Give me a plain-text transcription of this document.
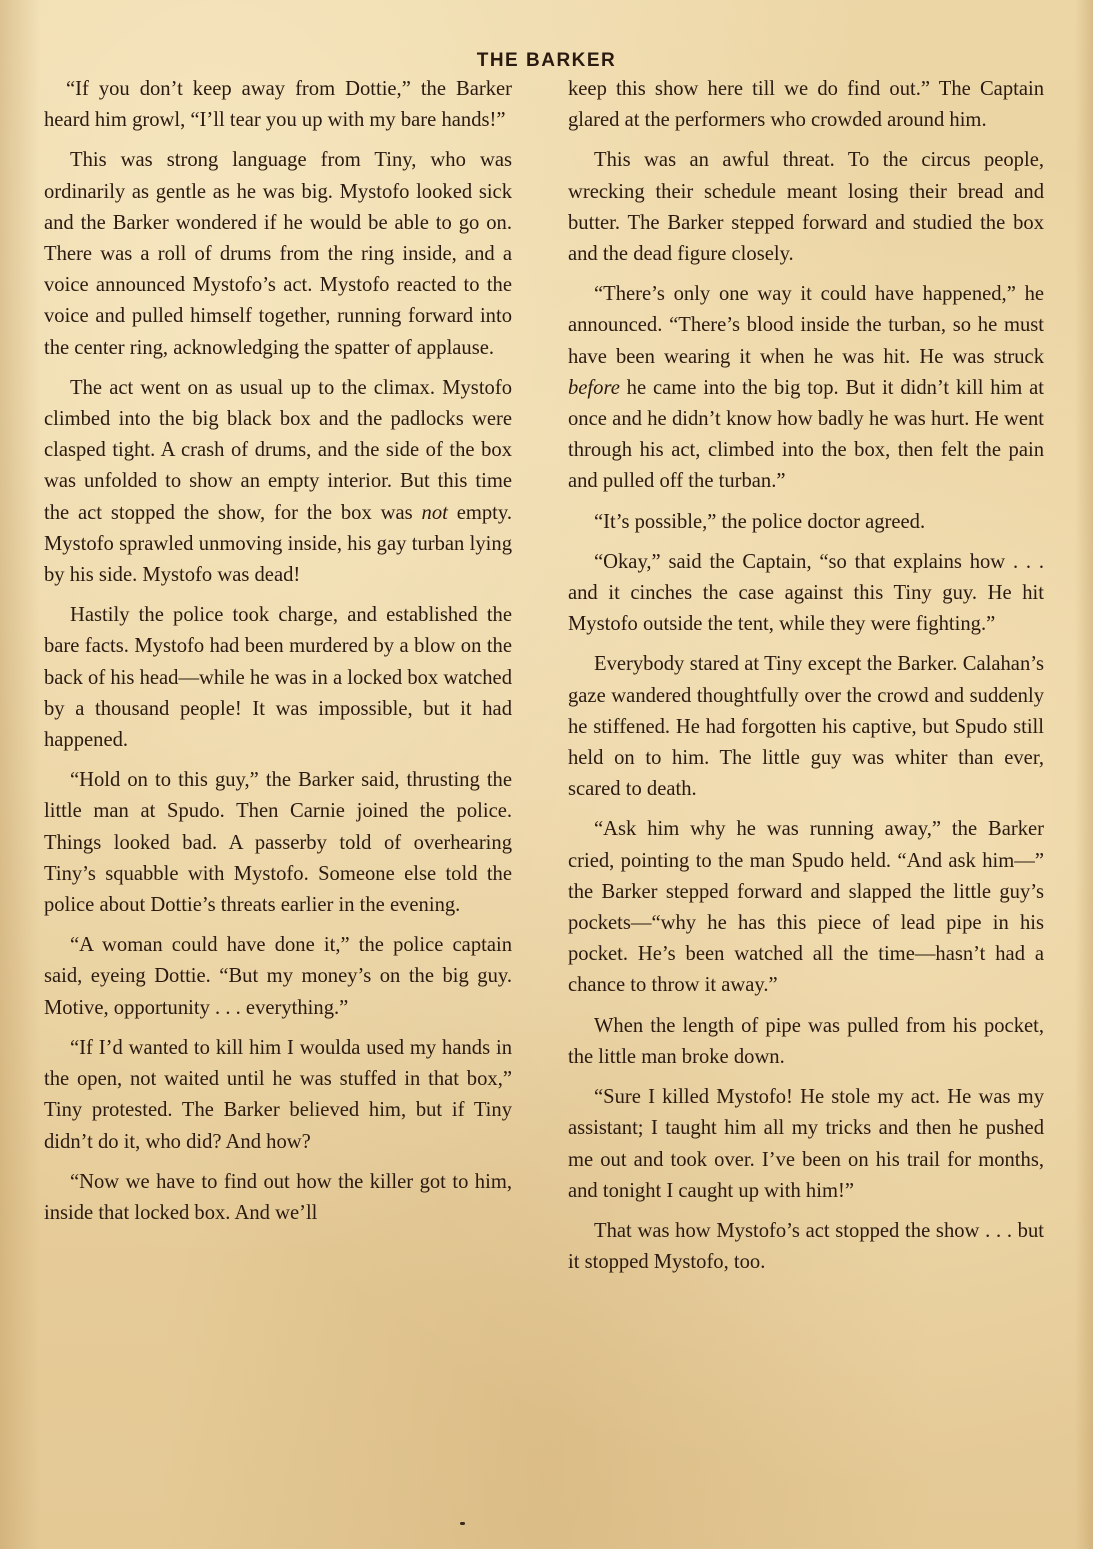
THE BARKER

“If you don’t keep away from Dottie,” the Barker heard him growl, “I’ll tear you up with my bare hands!”

This was strong language from Tiny, who was ordinarily as gentle as he was big. Mystofo looked sick and the Barker wondered if he would be able to go on. There was a roll of drums from the ring inside, and a voice announced Mystofo’s act. Mystofo reacted to the voice and pulled himself together, running forward into the center ring, acknowledging the spatter of applause.

The act went on as usual up to the climax. Mystofo climbed into the big black box and the padlocks were clasped tight. A crash of drums, and the side of the box was unfolded to show an empty interior. But this time the act stopped the show, for the box was not empty. Mystofo sprawled unmoving inside, his gay turban lying by his side. Mystofo was dead!

Hastily the police took charge, and established the bare facts. Mystofo had been murdered by a blow on the back of his head—while he was in a locked box watched by a thousand people! It was impossible, but it had happened.

“Hold on to this guy,” the Barker said, thrusting the little man at Spudo. Then Carnie joined the police. Things looked bad. A passerby told of overhearing Tiny’s squabble with Mystofo. Someone else told the police about Dottie’s threats earlier in the evening.

“A woman could have done it,” the police captain said, eyeing Dottie. “But my money’s on the big guy. Motive, opportunity . . . everything.”

“If I’d wanted to kill him I woulda used my hands in the open, not waited until he was stuffed in that box,” Tiny protested. The Barker believed him, but if Tiny didn’t do it, who did? And how?

“Now we have to find out how the killer got to him, inside that locked box. And we’ll

keep this show here till we do find out.” The Captain glared at the performers who crowded around him.

This was an awful threat. To the circus people, wrecking their schedule meant losing their bread and butter. The Barker stepped forward and studied the box and the dead figure closely.

“There’s only one way it could have happened,” he announced. “There’s blood inside the turban, so he must have been wearing it when he was hit. He was struck before he came into the big top. But it didn’t kill him at once and he didn’t know how badly he was hurt. He went through his act, climbed into the box, then felt the pain and pulled off the turban.”

“It’s possible,” the police doctor agreed.

“Okay,” said the Captain, “so that explains how . . . and it cinches the case against this Tiny guy. He hit Mystofo outside the tent, while they were fighting.”

Everybody stared at Tiny except the Barker. Calahan’s gaze wandered thoughtfully over the crowd and suddenly he stiffened. He had forgotten his captive, but Spudo still held on to him. The little guy was whiter than ever, scared to death.

“Ask him why he was running away,” the Barker cried, pointing to the man Spudo held. “And ask him—” the Barker stepped forward and slapped the little guy’s pockets—“why he has this piece of lead pipe in his pocket. He’s been watched all the time—hasn’t had a chance to throw it away.”

When the length of pipe was pulled from his pocket, the little man broke down.

“Sure I killed Mystofo! He stole my act. He was my assistant; I taught him all my tricks and then he pushed me out and took over. I’ve been on his trail for months, and tonight I caught up with him!”

That was how Mystofo’s act stopped the show . . . but it stopped Mystofo, too.
